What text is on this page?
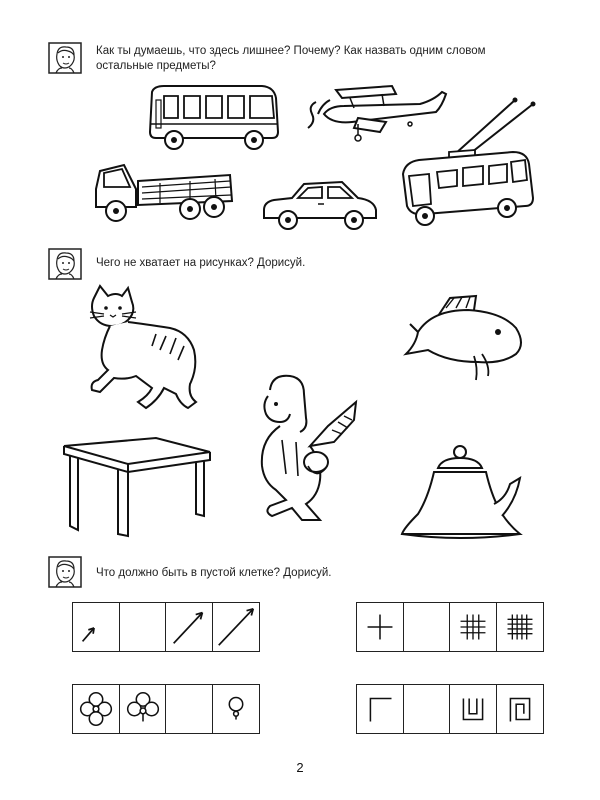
Как ты думаешь, что здесь лишнее? Почему? Как назвать одним словом остальные предметы?
Чего не хватает на рисунках? Дорисуй.
Что должно быть в пустой клетке? Дорисуй.
2
